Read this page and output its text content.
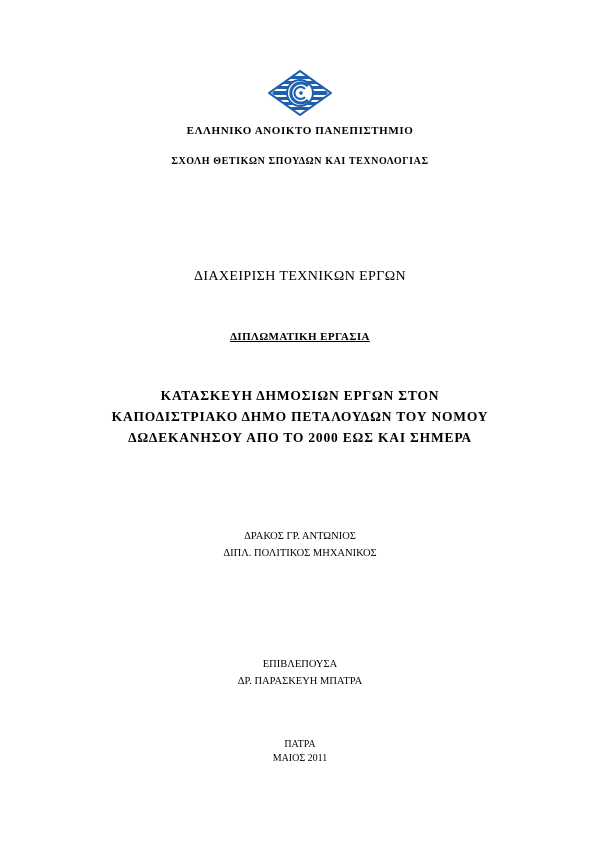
ΕΛΛΗΝΙΚΟ ΑΝΟΙΚΤΟ ΠΑΝΕΠΙΣΤΗΜΙΟ
ΣΧΟΛΗ ΘΕΤΙΚΩΝ ΣΠΟΥΔΩΝ ΚΑΙ ΤΕΧΝΟΛΟΓΙΑΣ
ΔΙΑΧΕΙΡΙΣΗ ΤΕΧΝΙΚΩΝ ΕΡΓΩΝ
ΔΙΠΛΩΜΑΤΙΚΗ ΕΡΓΑΣΙΑ
ΚΑΤΑΣΚΕΥΗ ΔΗΜΟΣΙΩΝ ΕΡΓΩΝ ΣΤΟΝ
ΚΑΠΟΔΙΣΤΡΙΑΚΟ ΔΗΜΟ ΠΕΤΑΛΟΥΔΩΝ ΤΟΥ ΝΟΜΟΥ
ΔΩΔΕΚΑΝΗΣΟΥ ΑΠΟ ΤΟ 2000 ΕΩΣ ΚΑΙ ΣΗΜΕΡΑ
ΔΡΑΚΟΣ ΓΡ. ΑΝΤΩΝΙΟΣ
ΔΙΠΛ. ΠΟΛΙΤΙΚΟΣ ΜΗΧΑΝΙΚΟΣ
ΕΠΙΒΛΕΠΟΥΣΑ
ΔΡ. ΠΑΡΑΣΚΕΥΗ ΜΠΑΤΡΑ
ΠΑΤΡΑ
ΜΑΙΟΣ 2011
